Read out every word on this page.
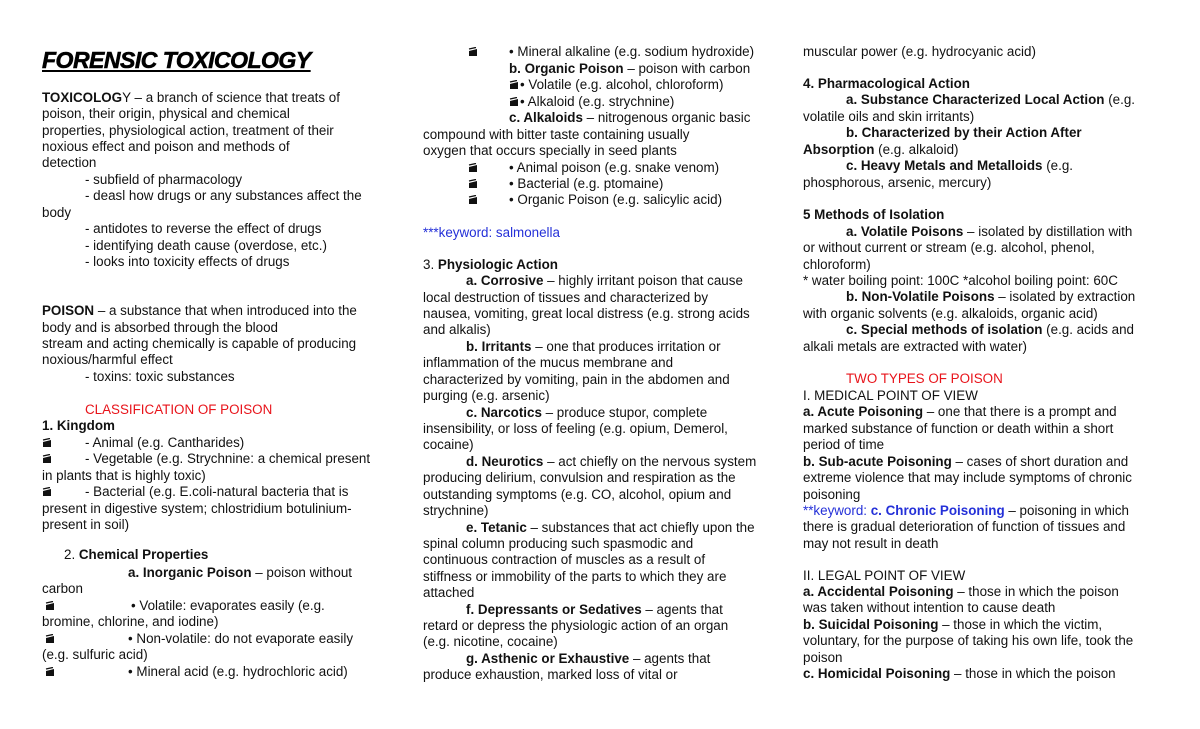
FORENSIC TOXICOLOGY
TOXICOLOGY – a branch of science that treats of
poison, their origin, physical and chemical
properties, physiological action, treatment of their
noxious effect and poison and methods of
detection
- subfield of pharmacology
- deasl how drugs or any substances affect the
body
- antidotes to reverse the effect of drugs
- identifying death cause (overdose, etc.)
- looks into toxicity effects of drugs
POISON – a substance that when introduced into the
body and is absorbed through the blood
stream and acting chemically is capable of producing
noxious/harmful effect
- toxins: toxic substances
CLASSIFICATION OF POISON
1. Kingdom
- Animal (e.g. Cantharides)
- Vegetable (e.g. Strychnine: a chemical present
in plants that is highly toxic)
- Bacterial (e.g. E.coli-natural bacteria that is
present in digestive system; chlostridium botulinium-
present in soil)
2. Chemical Properties
a. Inorganic Poison – poison without
carbon
• Volatile: evaporates easily (e.g.
bromine, chlorine, and iodine)
• Non-volatile: do not evaporate easily
(e.g. sulfuric acid)
• Mineral acid (e.g. hydrochloric acid)
• Mineral alkaline (e.g. sodium hydroxide)
b. Organic Poison – poison with carbon
• Volatile (e.g. alcohol, chloroform)
• Alkaloid (e.g. strychnine)
c. Alkaloids – nitrogenous organic basic
compound with bitter taste containing usually
oxygen that occurs specially in seed plants
• Animal poison (e.g. snake venom)
• Bacterial (e.g. ptomaine)
• Organic Poison (e.g. salicylic acid)
***keyword: salmonella
3. Physiologic Action
a. Corrosive – highly irritant poison that cause
local destruction of tissues and characterized by
nausea, vomiting, great local distress (e.g. strong acids
and alkalis)
b. Irritants – one that produces irritation or
inflammation of the mucus membrane and
characterized by vomiting, pain in the abdomen and
purging (e.g. arsenic)
c. Narcotics – produce stupor, complete
insensibility, or loss of feeling (e.g. opium, Demerol,
cocaine)
d. Neurotics – act chiefly on the nervous system
producing delirium, convulsion and respiration as the
outstanding symptoms (e.g. CO, alcohol, opium and
strychnine)
e. Tetanic – substances that act chiefly upon the
spinal column producing such spasmodic and
continuous contraction of muscles as a result of
stiffness or immobility of the parts to which they are
attached
f. Depressants or Sedatives – agents that
retard or depress the physiologic action of an organ
(e.g. nicotine, cocaine)
g. Asthenic or Exhaustive – agents that
produce exhaustion, marked loss of vital or
muscular power (e.g. hydrocyanic acid)
4. Pharmacological Action
a. Substance Characterized Local Action (e.g.
volatile oils and skin irritants)
b. Characterized by their Action After
Absorption (e.g. alkaloid)
c. Heavy Metals and Metalloids (e.g.
phosphorous, arsenic, mercury)
5 Methods of Isolation
a. Volatile Poisons – isolated by distillation with
or without current or stream (e.g. alcohol, phenol,
chloroform)
* water boiling point: 100C *alcohol boiling point: 60C
b. Non-Volatile Poisons – isolated by extraction
with organic solvents (e.g. alkaloids, organic acid)
c. Special methods of isolation (e.g. acids and
alkali metals are extracted with water)
TWO TYPES OF POISON
I. MEDICAL POINT OF VIEW
a. Acute Poisoning – one that there is a prompt and
marked substance of function or death within a short
period of time
b. Sub-acute Poisoning – cases of short duration and
extreme violence that may include symptoms of chronic
poisoning
**keyword: c. Chronic Poisoning – poisoning in which
there is gradual deterioration of function of tissues and
may not result in death
II. LEGAL POINT OF VIEW
a. Accidental Poisoning – those in which the poison
was taken without intention to cause death
b. Suicidal Poisoning – those in which the victim,
voluntary, for the purpose of taking his own life, took the
poison
c. Homicidal Poisoning – those in which the poison
